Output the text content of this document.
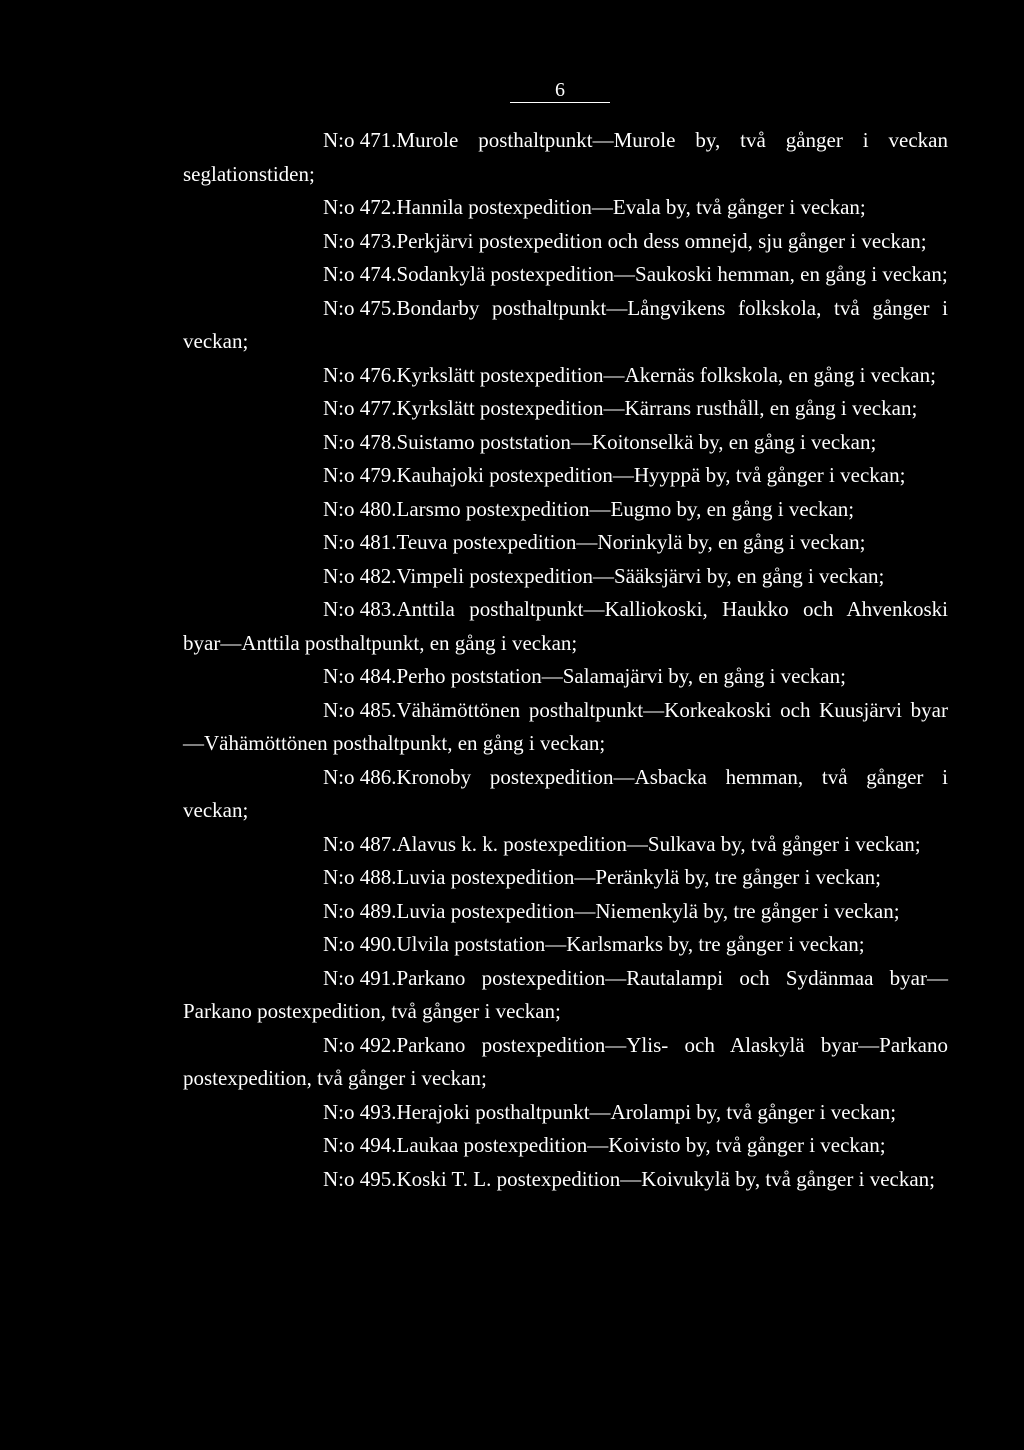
6

N:o 471.Murole posthaltpunkt—Murole by, två gånger i veckan seglationstiden;

N:o 472.Hannila postexpedition—Evala by, två gånger i veckan;

N:o 473.Perkjärvi postexpedition och dess omnejd, sju gånger i veckan;

N:o 474.Sodankylä postexpedition—Saukoski hemman, en gång i veckan;

N:o 475.Bondarby posthaltpunkt—Långvikens folkskola, två gånger i veckan;

N:o 476.Kyrkslätt postexpedition—Akernäs folkskola, en gång i veckan;

N:o 477.Kyrkslätt postexpedition—Kärrans rusthåll, en gång i veckan;

N:o 478.Suistamo poststation—Koitonselkä by, en gång i veckan;

N:o 479.Kauhajoki postexpedition—Hyyppä by, två gånger i veckan;

N:o 480.Larsmo postexpedition—Eugmo by, en gång i veckan;

N:o 481.Teuva postexpedition—Norinkylä by, en gång i veckan;

N:o 482.Vimpeli postexpedition—Sääksjärvi by, en gång i veckan;

N:o 483.Anttila posthaltpunkt—Kalliokoski, Haukko och Ahvenkoski byar—Anttila posthaltpunkt, en gång i veckan;

N:o 484.Perho poststation—Salamajärvi by, en gång i veckan;

N:o 485.Vähämöttönen posthaltpunkt—Korkeakoski och Kuusjärvi byar—Vähämöttönen posthaltpunkt, en gång i veckan;

N:o 486.Kronoby postexpedition—Asbacka hemman, två gånger i veckan;

N:o 487.Alavus k. k. postexpedition—Sulkava by, två gånger i veckan;

N:o 488.Luvia postexpedition—Peränkylä by, tre gånger i veckan;

N:o 489.Luvia postexpedition—Niemenkylä by, tre gånger i veckan;

N:o 490.Ulvila poststation—Karlsmarks by, tre gånger i veckan;

N:o 491.Parkano postexpedition—Rautalampi och Sydänmaa byar—Parkano postexpedition, två gånger i veckan;

N:o 492.Parkano postexpedition—Ylis- och Alaskylä byar—Parkano postexpedition, två gånger i veckan;

N:o 493.Herajoki posthaltpunkt—Arolampi by, två gånger i veckan;

N:o 494.Laukaa postexpedition—Koivisto by, två gånger i veckan;

N:o 495.Koski T. L. postexpedition—Koivukylä by, två gånger i veckan;
